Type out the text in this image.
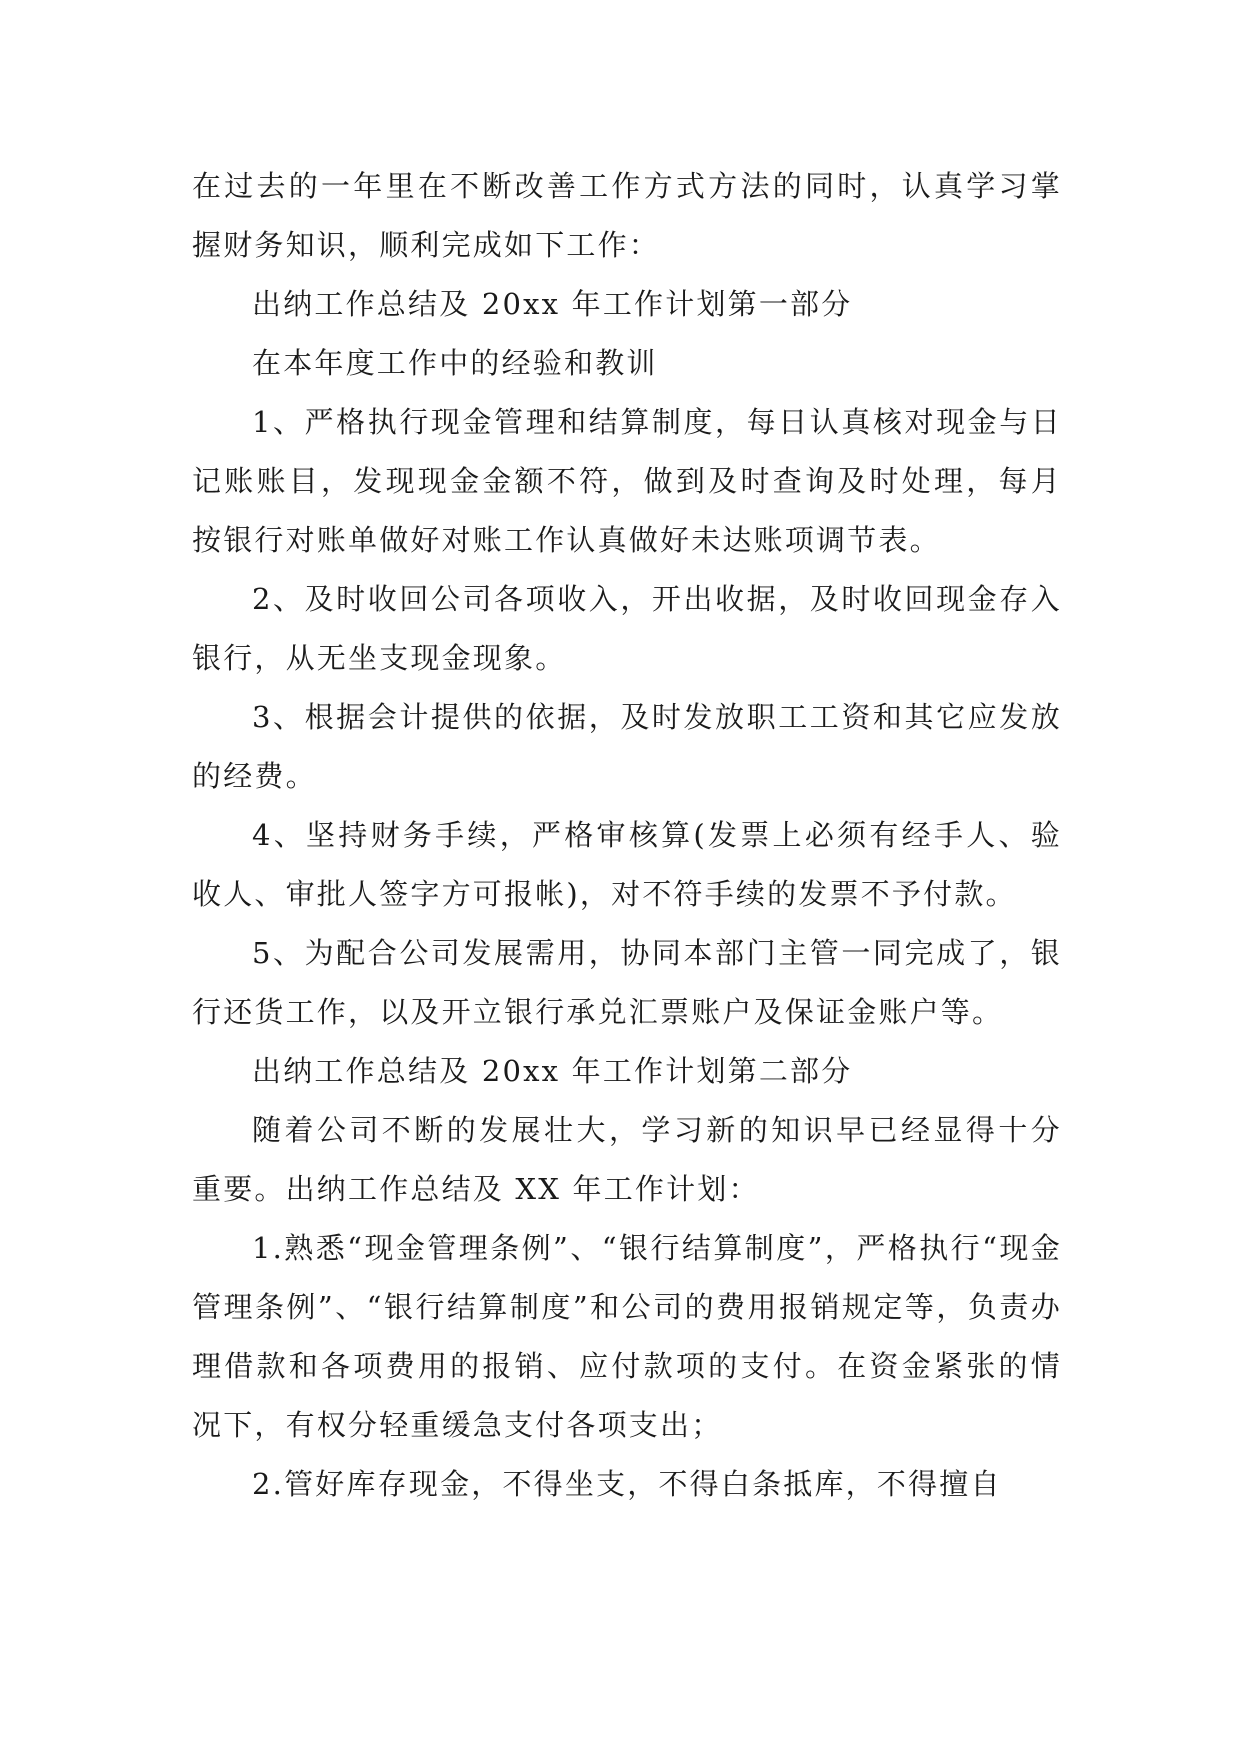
在过去的一年里在不断改善工作方式方法的同时，认真学习掌握财务知识，顺利完成如下工作：

出纳工作总结及 20xx 年工作计划第一部分

在本年度工作中的经验和教训

1、严格执行现金管理和结算制度，每日认真核对现金与日记账账目，发现现金金额不符，做到及时查询及时处理，每月按银行对账单做好对账工作认真做好未达账项调节表。

2、及时收回公司各项收入，开出收据，及时收回现金存入银行，从无坐支现金现象。

3、根据会计提供的依据，及时发放职工工资和其它应发放的经费。

4、坚持财务手续，严格审核算(发票上必须有经手人、验收人、审批人签字方可报帐)，对不符手续的发票不予付款。

5、为配合公司发展需用，协同本部门主管一同完成了，银行还货工作，以及开立银行承兑汇票账户及保证金账户等。

出纳工作总结及 20xx 年工作计划第二部分

随着公司不断的发展壮大，学习新的知识早已经显得十分重要。出纳工作总结及 XX 年工作计划：

1.熟悉“现金管理条例”、“银行结算制度”，严格执行“现金管理条例”、“银行结算制度”和公司的费用报销规定等，负责办理借款和各项费用的报销、应付款项的支付。在资金紧张的情况下，有权分轻重缓急支付各项支出；

2.管好库存现金，不得坐支，不得白条抵库，不得擅自
